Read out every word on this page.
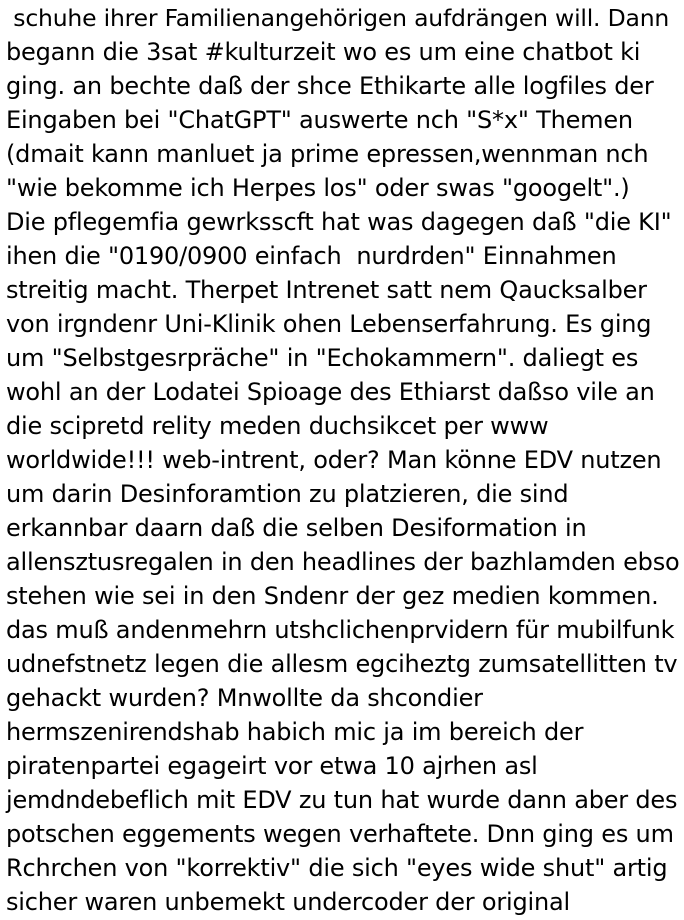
schuhe ihrer Familienangehörigen aufdrängen will. Dann
begann die 3sat #kulturzeit wo es um eine chatbot ki
ging. an bechte daß der shce Ethikarte alle logfiles der
Eingaben bei "ChatGPT" auswerte nch "S*x" Themen
(dmait kann manluet ja prime epressen,wennman nch
"wie bekomme ich Herpes los" oder swas "googelt".)
Die pflegemfia gewrksscft hat was dagegen daß "die KI"
ihen die "0190/0900 einfach  nurdrden" Einnahmen
streitig macht. Therpet Intrenet satt nem Qaucksalber
von irgndenr Uni-Klinik ohen Lebenserfahrung. Es ging
um "Selbstgesrpräche" in "Echokammern". daliegt es
wohl an der Lodatei Spioage des Ethiarst daßso vile an
die scipretd relity meden duchsikcet per www
worldwide!!! web-intrent, oder? Man könne EDV nutzen
um darin Desinforamtion zu platzieren, die sind
erkannbar daarn daß die selben Desiformation in
allensztusregalen in den headlines der bazhlamden ebso
stehen wie sei in den Sndenr der gez medien kommen.
das muß andenmehrn utshclichenprvidern für mubilfunk
udnefstnetz legen die allesm egciheztg zumsatellitten tv
gehackt wurden? Mnwollte da shcondier
hermszenirendshab habich mic ja im bereich der
piratenpartei egageirt vor etwa 10 ajrhen asl
jemdndebeflich mit EDV zu tun hat wurde dann aber des
potschen eggements wegen verhaftete. Dnn ging es um
Rchrchen von "korrektiv" die sich "eyes wide shut" artig
sicher waren unbemekt undercoder der original
